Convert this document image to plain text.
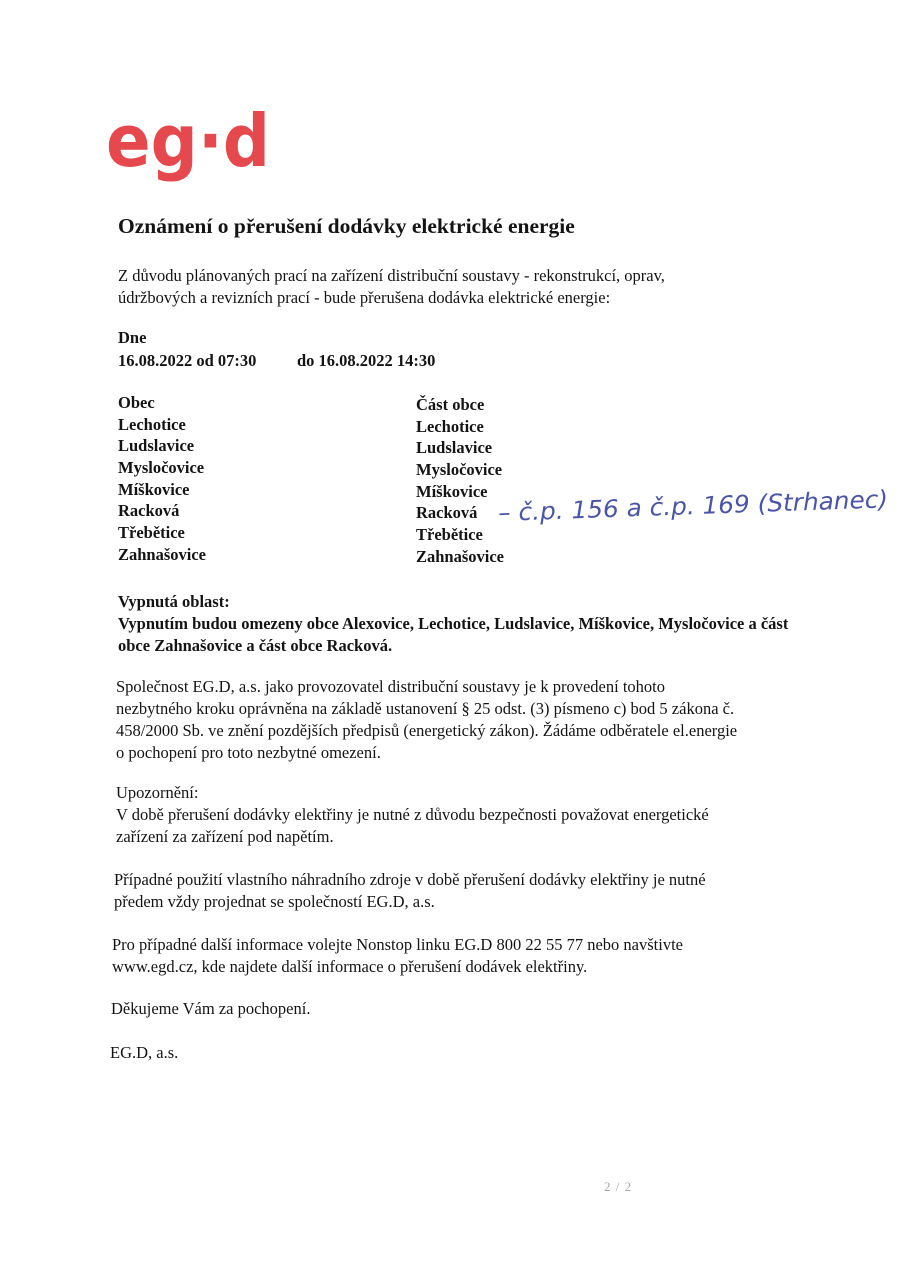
eg·d
Oznámení o přerušení dodávky elektrické energie
Z důvodu plánovaných prací na zařízení distribuční soustavy - rekonstrukcí, oprav,
údržbových a revizních prací - bude přerušena dodávka elektrické energie:
Dne
16.08.2022 od 07:30 do 16.08.2022 14:30
Obec
Lechotice
Ludslavice
Mysločovice
Míškovice
Racková
Třebětice
Zahnašovice
Část obce
Lechotice
Ludslavice
Mysločovice
Míškovice
Racková
Třebětice
Zahnašovice
– č.p. 156 a č.p. 169 (Strhanec)
Vypnutá oblast:
Vypnutím budou omezeny obce Alexovice, Lechotice, Ludslavice, Míškovice, Mysločovice a část
obce Zahnašovice a část obce Racková.
Společnost EG.D, a.s. jako provozovatel distribuční soustavy je k provedení tohoto
nezbytného kroku oprávněna na základě ustanovení § 25 odst. (3) písmeno c) bod 5 zákona č.
458/2000 Sb. ve znění pozdějších předpisů (energetický zákon). Žádáme odběratele el.energie
o pochopení pro toto nezbytné omezení.
Upozornění:
V době přerušení dodávky elektřiny je nutné z důvodu bezpečnosti považovat energetické
zařízení za zařízení pod napětím.
Případné použití vlastního náhradního zdroje v době přerušení dodávky elektřiny je nutné
předem vždy projednat se společností EG.D, a.s.
Pro případné další informace volejte Nonstop linku EG.D 800 22 55 77 nebo navštivte
www.egd.cz, kde najdete další informace o přerušení dodávek elektřiny.
Děkujeme Vám za pochopení.
EG.D, a.s.
2 / 2
